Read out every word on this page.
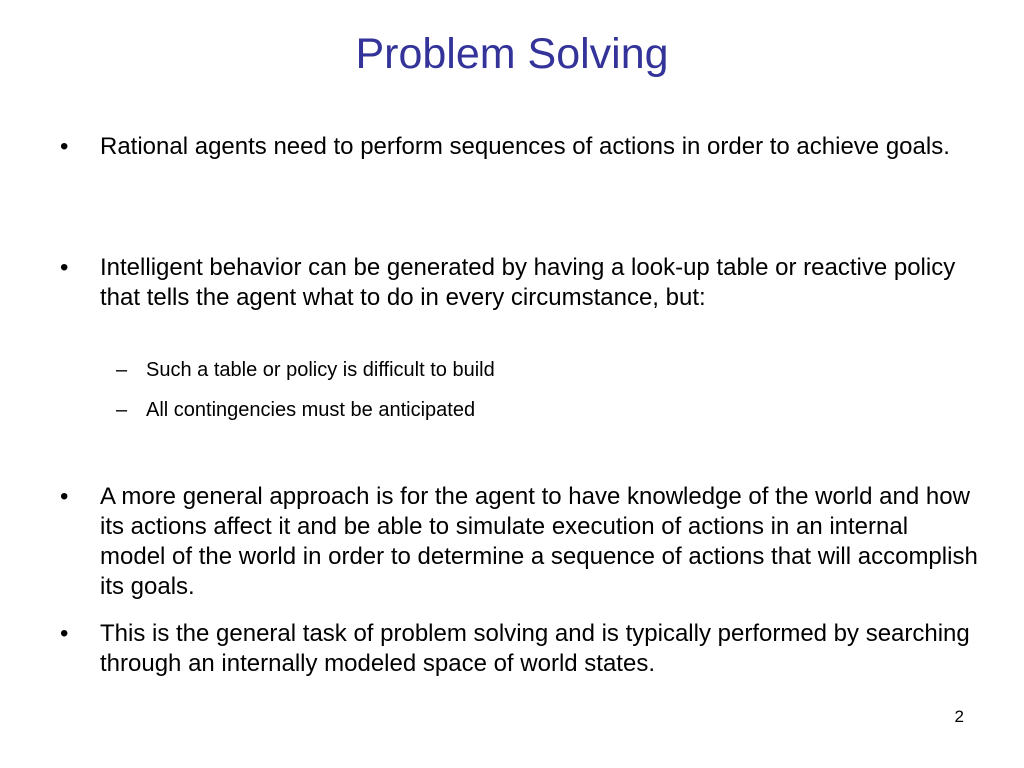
Problem Solving
•	Rational agents need to perform sequences of actions in order to achieve goals.
•	Intelligent behavior can be generated by having a look-up table or reactive policy that tells the agent what to do in every circumstance, but:
– Such a table or policy is difficult to build
– All contingencies must be anticipated
•	A more general approach is for the agent to have knowledge of the world and how its actions affect it and be able to simulate execution of actions in an internal model of the world in order to determine a sequence of actions that will accomplish its goals.
•	This is the general task of problem solving and is typically performed by searching through an internally modeled space of world states.
2
